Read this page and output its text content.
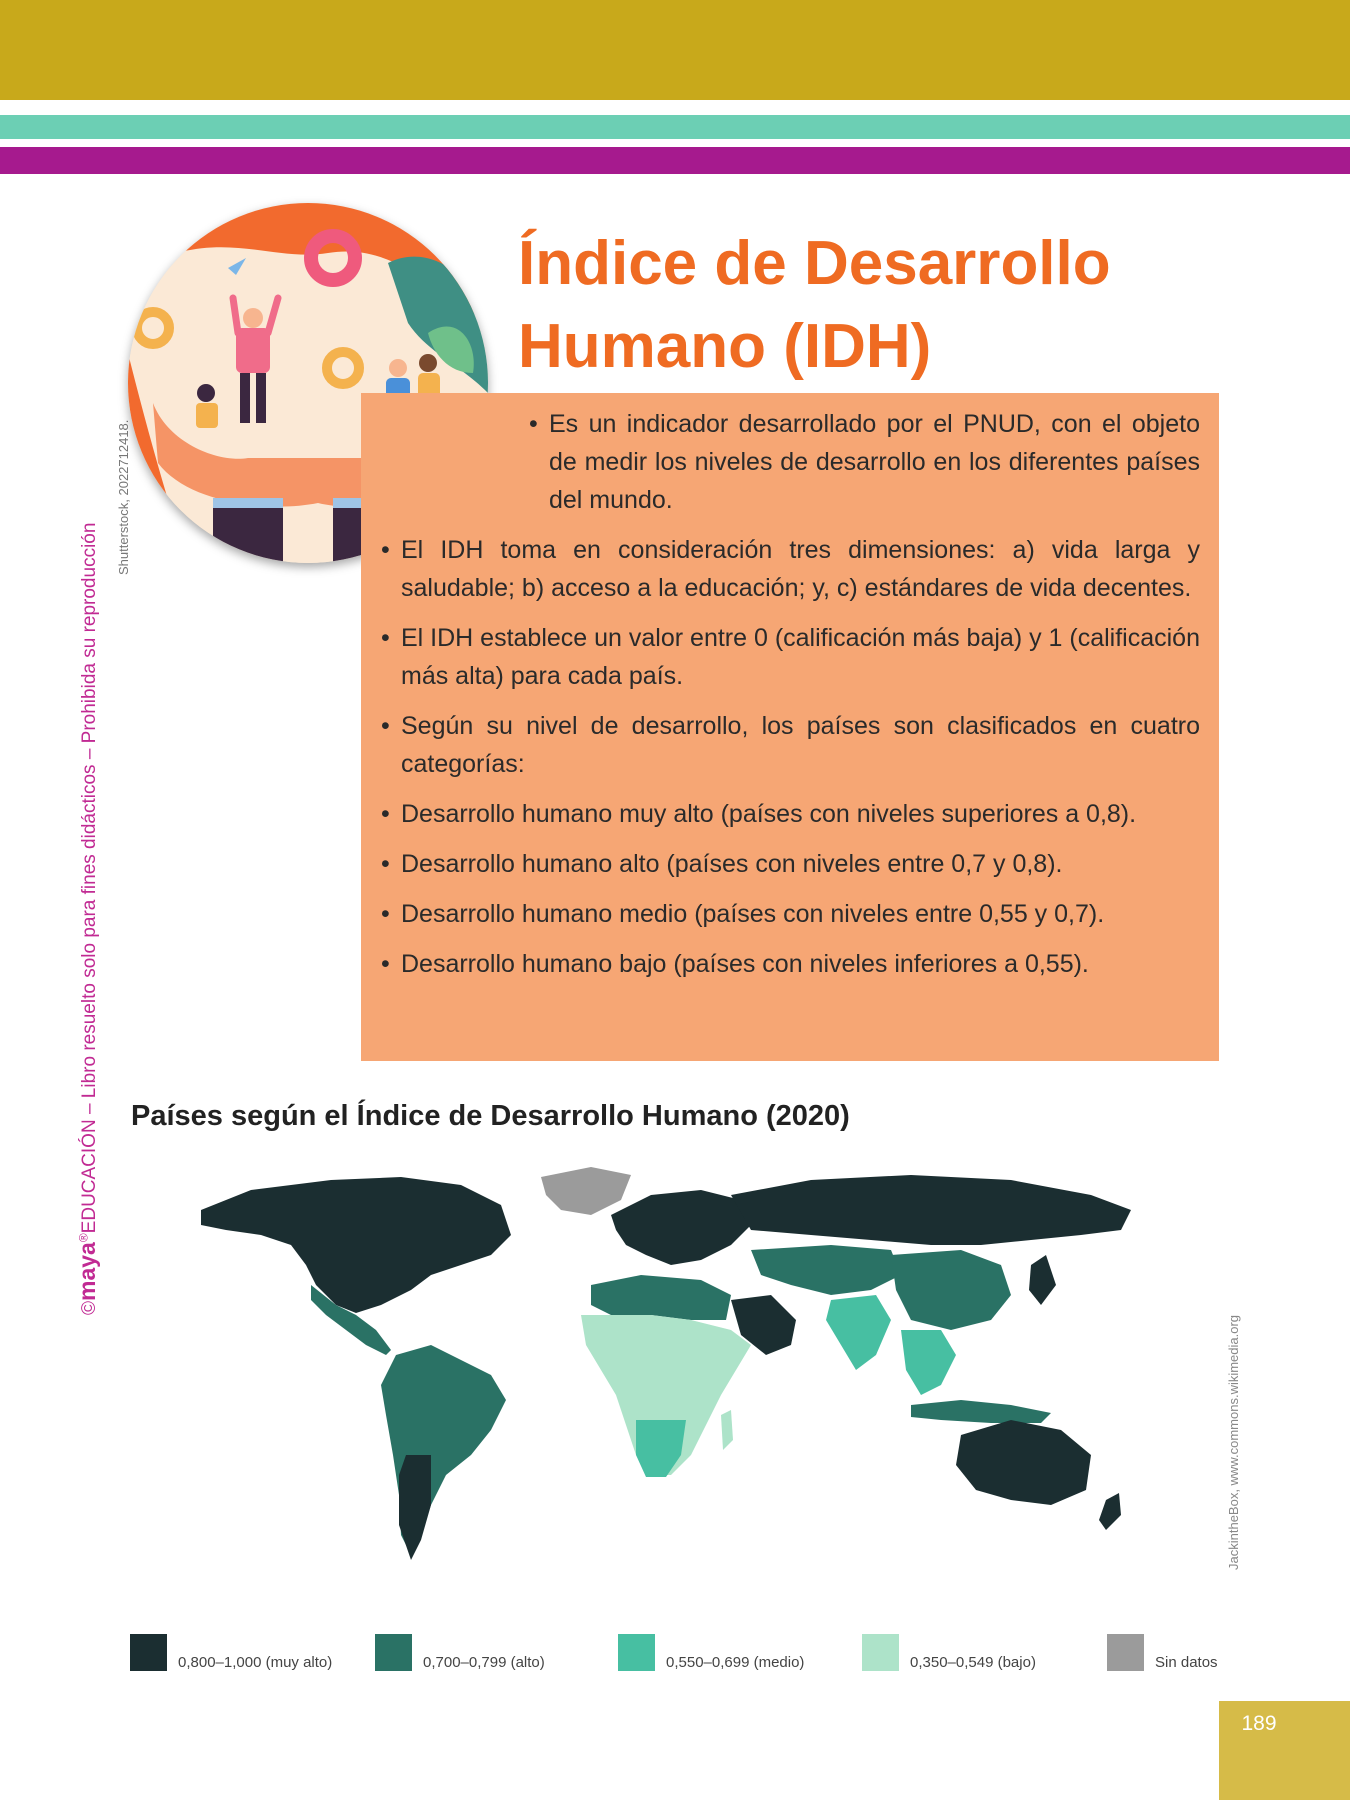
©maya®EDUCACIÓN – Libro resuelto solo para fines didácticos – Prohibida su reproducción
Shutterstock, 2022712418.
Índice de Desarrollo Humano (IDH)
• Es un indicador desarrollado por el PNUD, con el objeto de medir los niveles de desarrollo en los diferentes países del mundo.
• El IDH toma en consideración tres dimensiones: a) vida larga y saludable; b) acceso a la educación; y, c) estándares de vida decentes.
• El IDH establece un valor entre 0 (calificación más baja) y 1 (calificación más alta) para cada país.
• Según su nivel de desarrollo, los países son clasificados en cuatro categorías:
• Desarrollo humano muy alto (países con niveles superiores a 0,8).
• Desarrollo humano alto (países con niveles entre 0,7 y 0,8).
• Desarrollo humano medio (países con niveles entre 0,55 y 0,7).
• Desarrollo humano bajo (países con niveles inferiores a 0,55).
Países según el Índice de Desarrollo Humano (2020)
JackintheBox, www.commons.wikimedia.org
0,800–1,000 (muy alto)	0,700–0,799 (alto)	0,550–0,699 (medio)	0,350–0,549 (bajo)	Sin datos
189
